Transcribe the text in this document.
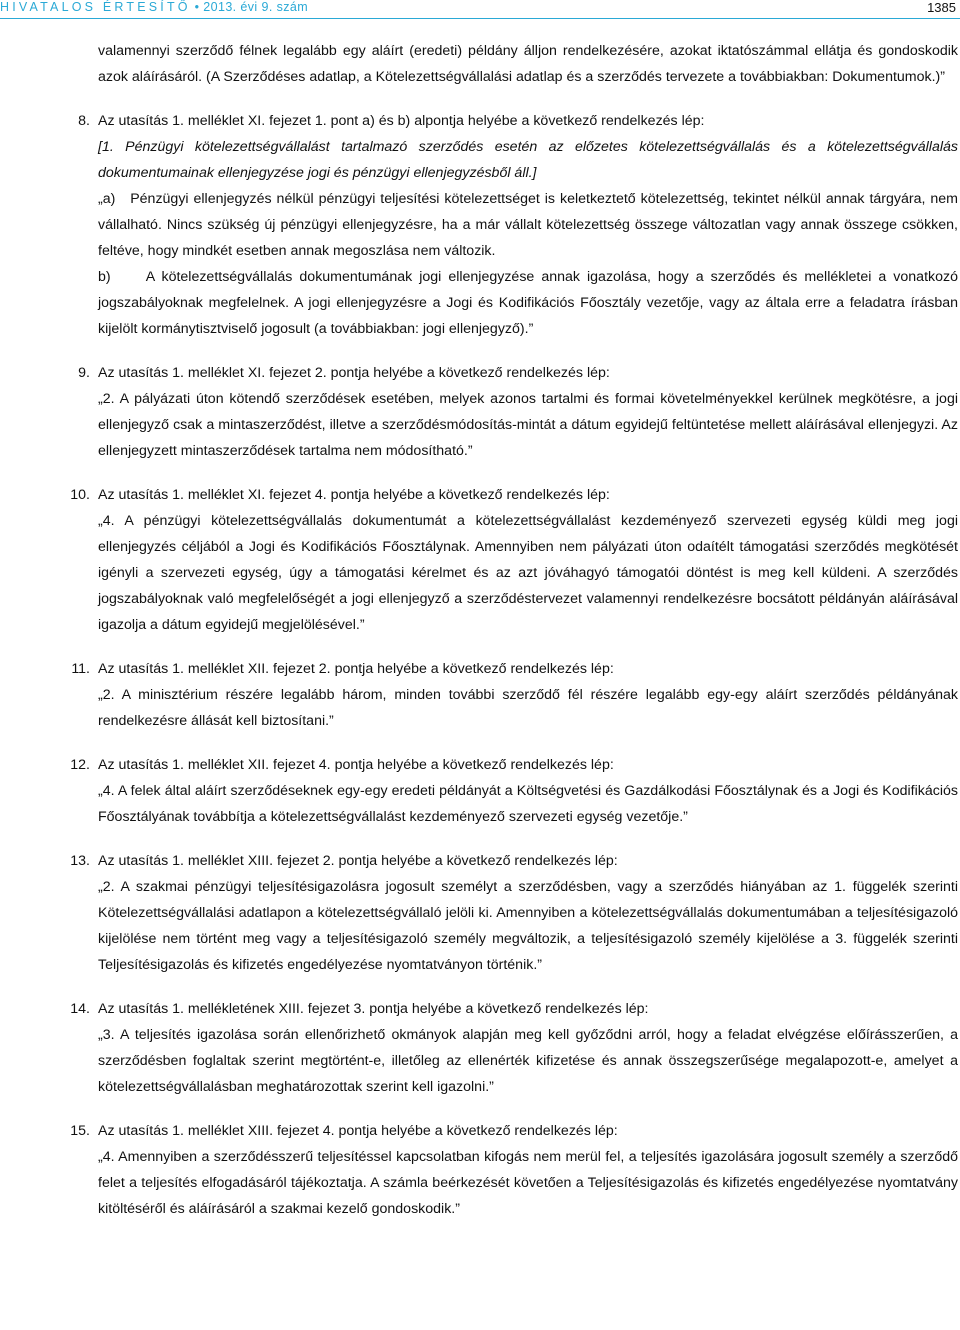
HIVATALOS ÉRTESÍTŐ • 2013. évi 9. szám	1385

valamennyi szerződő félnek legalább egy aláírt (eredeti) példány álljon rendelkezésére, azokat iktatószámmal ellátja és gondoskodik azok aláírásáról. (A Szerződéses adatlap, a Kötelezettségvállalási adatlap és a szerződés tervezete a továbbiakban: Dokumentumok.)”

8. Az utasítás 1. melléklet XI. fejezet 1. pont a) és b) alpontja helyébe a következő rendelkezés lép:

[1. Pénzügyi kötelezettségvállalást tartalmazó szerződés esetén az előzetes kötelezettségvállalás és a kötelezettségvállalás dokumentumainak ellenjegyzése jogi és pénzügyi ellenjegyzésből áll.]

„a) Pénzügyi ellenjegyzés nélkül pénzügyi teljesítési kötelezettséget is keletkeztető kötelezettség, tekintet nélkül annak tárgyára, nem vállalható. Nincs szükség új pénzügyi ellenjegyzésre, ha a már vállalt kötelezettség összege változatlan vagy annak összege csökken, feltéve, hogy mindkét esetben annak megoszlása nem változik.

b) A kötelezettségvállalás dokumentumának jogi ellenjegyzése annak igazolása, hogy a szerződés és mellékletei a vonatkozó jogszabályoknak megfelelnek. A jogi ellenjegyzésre a Jogi és Kodifikációs Főosztály vezetője, vagy az általa erre a feladatra írásban kijelölt kormánytisztviselő jogosult (a továbbiakban: jogi ellenjegyző).”

9. Az utasítás 1. melléklet XI. fejezet 2. pontja helyébe a következő rendelkezés lép:

„2. A pályázati úton kötendő szerződések esetében, melyek azonos tartalmi és formai követelményekkel kerülnek megkötésre, a jogi ellenjegyző csak a mintaszerződést, illetve a szerződésmódosítás-mintát a dátum egyidejű feltüntetése mellett aláírásával ellenjegyzi. Az ellenjegyzett mintaszerződések tartalma nem módosítható.”

10. Az utasítás 1. melléklet XI. fejezet 4. pontja helyébe a következő rendelkezés lép:

„4. A pénzügyi kötelezettségvállalás dokumentumát a kötelezettségvállalást kezdeményező szervezeti egység küldi meg jogi ellenjegyzés céljából a Jogi és Kodifikációs Főosztálynak. Amennyiben nem pályázati úton odaítélt támogatási szerződés megkötését igényli a szervezeti egység, úgy a támogatási kérelmet és az azt jóváhagyó támogatói döntést is meg kell küldeni. A szerződés jogszabályoknak való megfelelőségét a jogi ellenjegyző a szerződéstervezet valamennyi rendelkezésre bocsátott példányán aláírásával igazolja a dátum egyidejű megjelölésével.”

11. Az utasítás 1. melléklet XII. fejezet 2. pontja helyébe a következő rendelkezés lép:

„2. A minisztérium részére legalább három, minden további szerződő fél részére legalább egy-egy aláírt szerződés példányának rendelkezésre állását kell biztosítani.”

12. Az utasítás 1. melléklet XII. fejezet 4. pontja helyébe a következő rendelkezés lép:

„4. A felek által aláírt szerződéseknek egy-egy eredeti példányát a Költségvetési és Gazdálkodási Főosztálynak és a Jogi és Kodifikációs Főosztályának továbbítja a kötelezettségvállalást kezdeményező szervezeti egység vezetője.”

13. Az utasítás 1. melléklet XIII. fejezet 2. pontja helyébe a következő rendelkezés lép:

„2. A szakmai pénzügyi teljesítésigazolásra jogosult személyt a szerződésben, vagy a szerződés hiányában az 1. függelék szerinti Kötelezettségvállalási adatlapon a kötelezettségvállaló jelöli ki. Amennyiben a kötelezettségvállalás dokumentumában a teljesítésigazoló kijelölése nem történt meg vagy a teljesítésigazoló személy megváltozik, a teljesítésigazoló személy kijelölése a 3. függelék szerinti Teljesítésigazolás és kifizetés engedélyezése nyomtatványon történik.”

14. Az utasítás 1. mellékletének XIII. fejezet 3. pontja helyébe a következő rendelkezés lép:

„3. A teljesítés igazolása során ellenőrizhető okmányok alapján meg kell győződni arról, hogy a feladat elvégzése előírásszerűen, a szerződésben foglaltak szerint megtörtént-e, illetőleg az ellenérték kifizetése és annak összegszerűsége megalapozott-e, amelyet a kötelezettségvállalásban meghatározottak szerint kell igazolni.”

15. Az utasítás 1. melléklet XIII. fejezet 4. pontja helyébe a következő rendelkezés lép:

„4. Amennyiben a szerződésszerű teljesítéssel kapcsolatban kifogás nem merül fel, a teljesítés igazolására jogosult személy a szerződő felet a teljesítés elfogadásáról tájékoztatja. A számla beérkezését követően a Teljesítésigazolás és kifizetés engedélyezése nyomtatvány kitöltéséről és aláírásáról a szakmai kezelő gondoskodik.”
